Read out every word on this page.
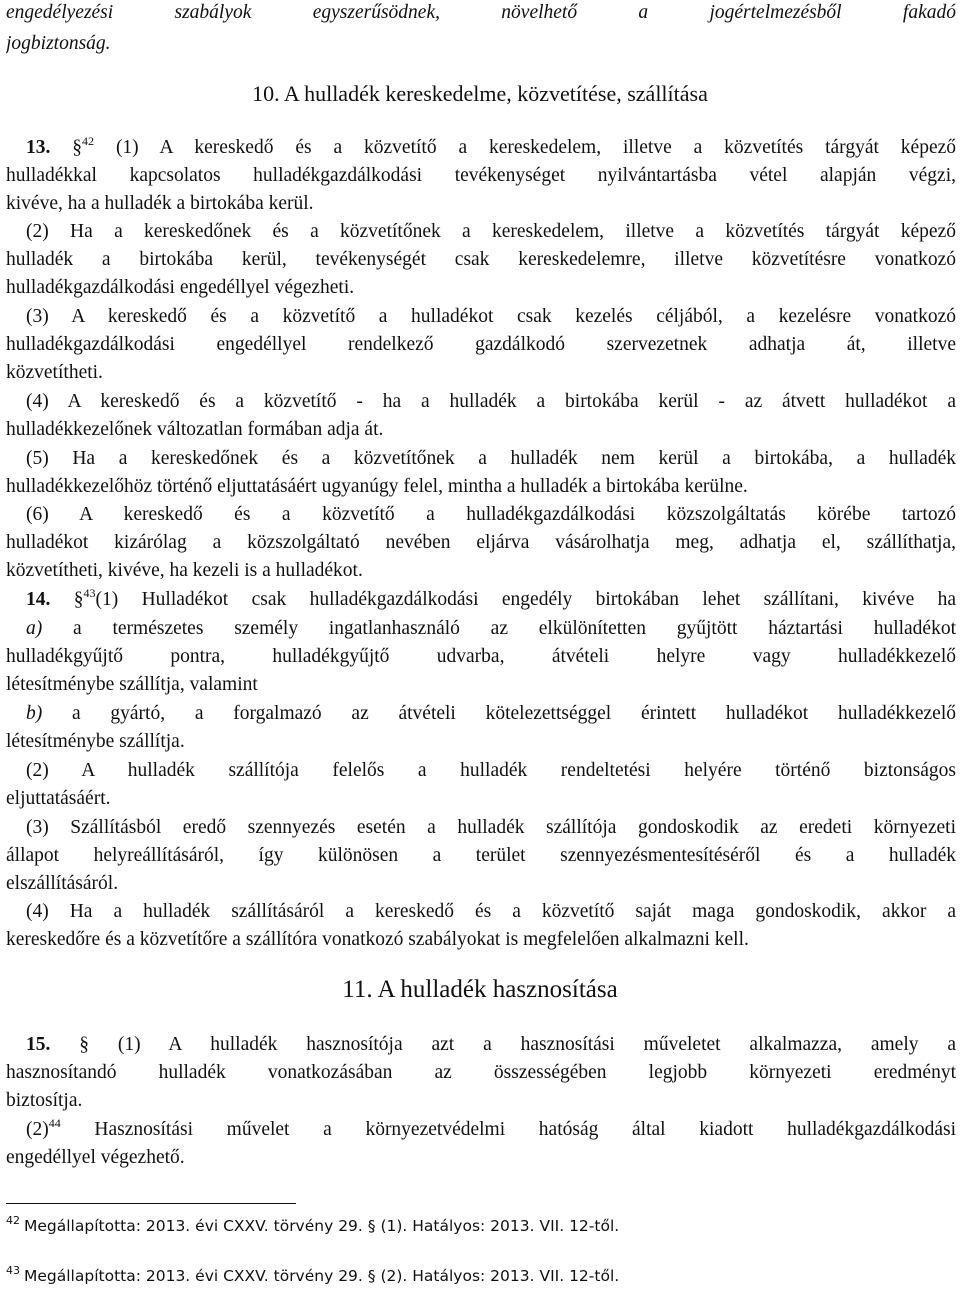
engedélyezési szabályok egyszerűsödnek, növelhető a jogértelmezésből fakadó
jogbiztonság.
10. A hulladék kereskedelme, közvetítése, szállítása
13. §$^{42}$ (1) A kereskedő és a közvetítő a kereskedelem, illetve a közvetítés tárgyát képező
hulladékkal kapcsolatos hulladékgazdálkodási tevékenységet nyilvántartásba vétel alapján végzi,
kivéve, ha a hulladék a birtokába kerül.
(2) Ha a kereskedőnek és a közvetítőnek a kereskedelem, illetve a közvetítés tárgyát képező
hulladék a birtokába kerül, tevékenységét csak kereskedelemre, illetve közvetítésre vonatkozó
hulladékgazdálkodási engedéllyel végezheti.
(3) A kereskedő és a közvetítő a hulladékot csak kezelés céljából, a kezelésre vonatkozó
hulladékgazdálkodási engedéllyel rendelkező gazdálkodó szervezetnek adhatja át, illetve
közvetítheti.
(4) A kereskedő és a közvetítő - ha a hulladék a birtokába kerül - az átvett hulladékot a
hulladékkezelőnek változatlan formában adja át.
(5) Ha a kereskedőnek és a közvetítőnek a hulladék nem kerül a birtokába, a hulladék
hulladékkezelőhöz történő eljuttatásáért ugyanúgy felel, mintha a hulladék a birtokába kerülne.
(6) A kereskedő és a közvetítő a hulladékgazdálkodási közszolgáltatás körébe tartozó
hulladékot kizárólag a közszolgáltató nevében eljárva vásárolhatja meg, adhatja el, szállíthatja,
közvetítheti, kivéve, ha kezeli is a hulladékot.
14. §$^{43}$(1) Hulladékot csak hulladékgazdálkodási engedély birtokában lehet szállítani, kivéve ha
a) a természetes személy ingatlanhasználó az elkülönítetten gyűjtött háztartási hulladékot
hulladékgyűjtő pontra, hulladékgyűjtő udvarba, átvételi helyre vagy hulladékkezelő
létesítménybe szállítja, valamint
b) a gyártó, a forgalmazó az átvételi kötelezettséggel érintett hulladékot hulladékkezelő
létesítménybe szállítja.
(2) A hulladék szállítója felelős a hulladék rendeltetési helyére történő biztonságos
eljuttatásáért.
(3) Szállításból eredő szennyezés esetén a hulladék szállítója gondoskodik az eredeti környezeti
állapot helyreállításáról, így különösen a terület szennyezésmentesítéséről és a hulladék
elszállításáról.
(4) Ha a hulladék szállításáról a kereskedő és a közvetítő saját maga gondoskodik, akkor a
kereskedőre és a közvetítőre a szállítóra vonatkozó szabályokat is megfelelően alkalmazni kell.
11. A hulladék hasznosítása
15. § (1) A hulladék hasznosítója azt a hasznosítási műveletet alkalmazza, amely a
hasznosítandó hulladék vonatkozásában az összességében legjobb környezeti eredményt
biztosítja.
$(2)^{44}$ Hasznosítási művelet a környezetvédelmi hatóság által kiadott hulladékgazdálkodási
engedéllyel végezhető.
$^{42}$ Megállapította: 2013. évi CXXV. törvény 29. § (1). Hatályos: 2013. VII. 12-től.
$^{43}$ Megállapította: 2013. évi CXXV. törvény 29. § (2). Hatályos: 2013. VII. 12-től.
